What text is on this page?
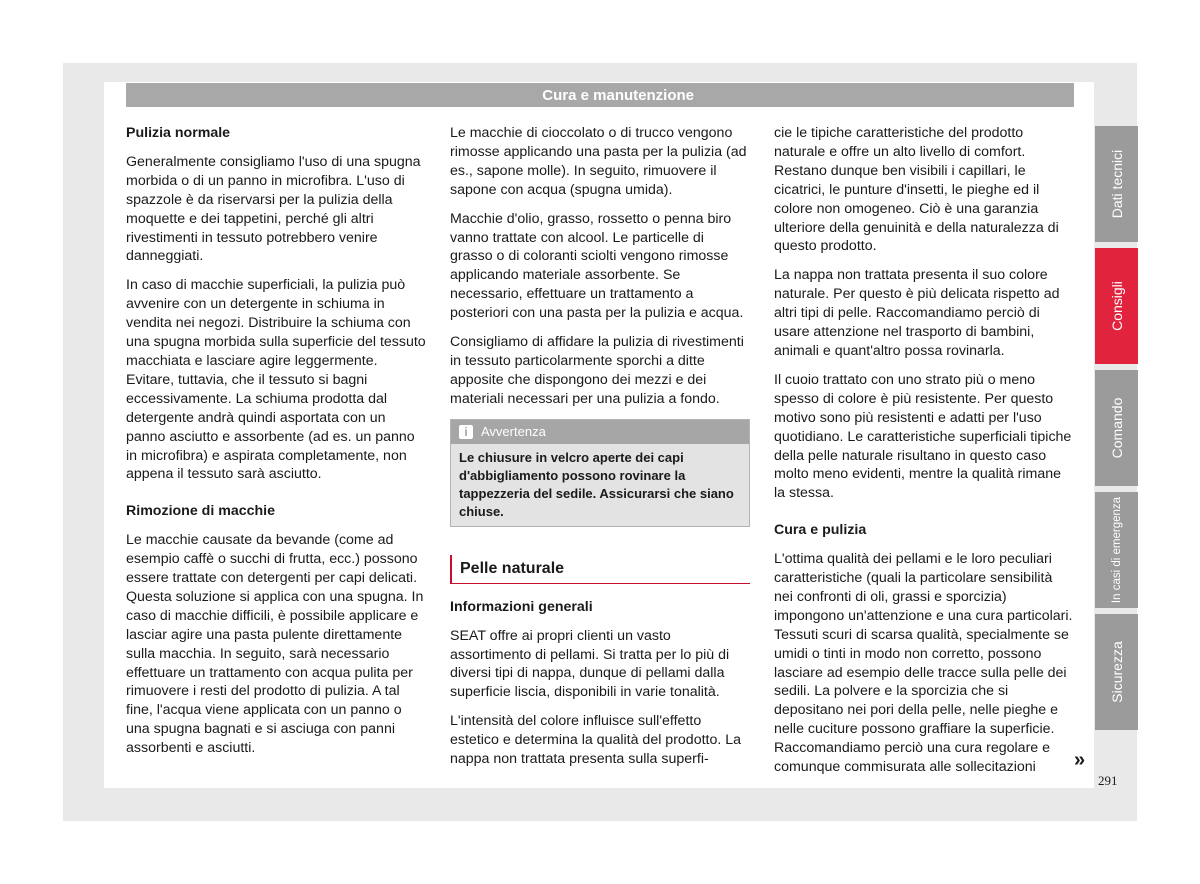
Cura e manutenzione

Pulizia normale

Generalmente consigliamo l'uso di una spugna morbida o di un panno in microfibra. L'uso di spazzole è da riservarsi per la pulizia della moquette e dei tappetini, perché gli altri rivestimenti in tessuto potrebbero venire danneggiati.

In caso di macchie superficiali, la pulizia può avvenire con un detergente in schiuma in vendita nei negozi. Distribuire la schiuma con una spugna morbida sulla superficie del tessuto macchiata e lasciare agire leggermente. Evitare, tuttavia, che il tessuto si bagni eccessivamente. La schiuma prodotta dal detergente andrà quindi asportata con un panno asciutto e assorbente (ad es. un panno in microfibra) e aspirata completamente, non appena il tessuto sarà asciutto.

Rimozione di macchie

Le macchie causate da bevande (come ad esempio caffè o succhi di frutta, ecc.) possono essere trattate con detergenti per capi delicati. Questa soluzione si applica con una spugna. In caso di macchie difficili, è possibile applicare e lasciar agire una pasta pulente direttamente sulla macchia. In seguito, sarà necessario effettuare un trattamento con acqua pulita per rimuovere i resti del prodotto di pulizia. A tal fine, l'acqua viene applicata con un panno o una spugna bagnati e si asciuga con panni assorbenti e asciutti.

Le macchie di cioccolato o di trucco vengono rimosse applicando una pasta per la pulizia (ad es., sapone molle). In seguito, rimuovere il sapone con acqua (spugna umida).

Macchie d'olio, grasso, rossetto o penna biro vanno trattate con alcool. Le particelle di grasso o di coloranti sciolti vengono rimosse applicando materiale assorbente. Se necessario, effettuare un trattamento a posteriori con una pasta per la pulizia e acqua.

Consigliamo di affidare la pulizia di rivestimenti in tessuto particolarmente sporchi a ditte apposite che dispongono dei mezzi e dei materiali necessari per una pulizia a fondo.

i	Avvertenza
Le chiusure in velcro aperte dei capi d'abbigliamento possono rovinare la tappezzeria del sedile. Assicurarsi che siano chiuse.
Pelle naturale

Informazioni generali

SEAT offre ai propri clienti un vasto assortimento di pellami. Si tratta per lo più di diversi tipi di nappa, dunque di pellami dalla superficie liscia, disponibili in varie tonalità.

L'intensità del colore influisce sull'effetto estetico e determina la qualità del prodotto. La nappa non trattata presenta sulla superfi-

cie le tipiche caratteristiche del prodotto naturale e offre un alto livello di comfort. Restano dunque ben visibili i capillari, le cicatrici, le punture d'insetti, le pieghe ed il colore non omogeneo. Ciò è una garanzia ulteriore della genuinità e della naturalezza di questo prodotto.

La nappa non trattata presenta il suo colore naturale. Per questo è più delicata rispetto ad altri tipi di pelle. Raccomandiamo perciò di usare attenzione nel trasporto di bambini, animali e quant'altro possa rovinarla.

Il cuoio trattato con uno strato più o meno spesso di colore è più resistente. Per questo motivo sono più resistenti e adatti per l'uso quotidiano. Le caratteristiche superficiali tipiche della pelle naturale risultano in questo caso molto meno evidenti, mentre la qualità rimane la stessa.

Cura e pulizia

L'ottima qualità dei pellami e le loro peculiari caratteristiche (quali la particolare sensibilità nei confronti di oli, grassi e sporcizia) impongono un'attenzione e una cura particolari. Tessuti scuri di scarsa qualità, specialmente se umidi o tinti in modo non corretto, possono lasciare ad esempio delle tracce sulla pelle dei sedili. La polvere e la sporcizia che si depositano nei pori della pelle, nelle pieghe e nelle cuciture possono graffiare la superficie. Raccomandiamo perciò una cura regolare e comunque commisurata alle sollecitazioni	»
Dati tecnici
Consigli
Comando
In casi di emergenza
Sicurezza
291
